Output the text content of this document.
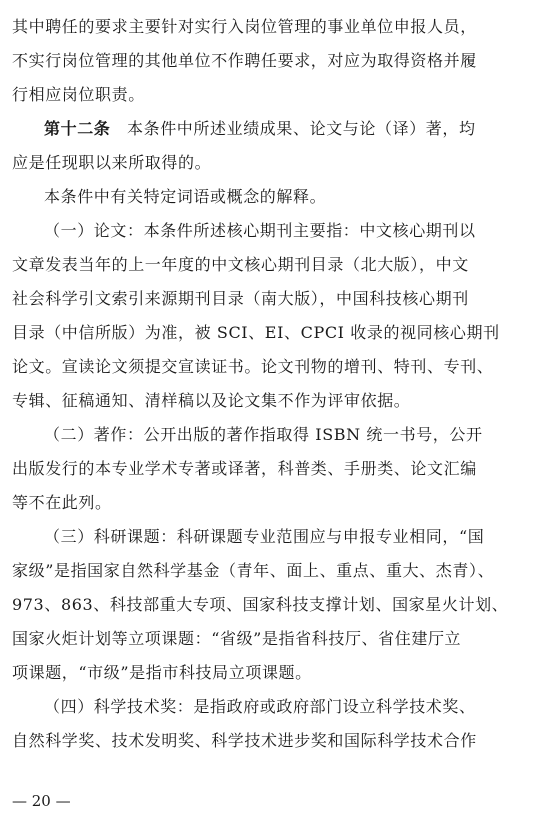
其中聘任的要求主要针对实行入岗位管理的事业单位申报人员，
不实行岗位管理的其他单位不作聘任要求，对应为取得资格并履
行相应岗位职责。
第十二条　本条件中所述业绩成果、论文与论（译）著，均
应是任现职以来所取得的。
本条件中有关特定词语或概念的解释。
（一）论文：本条件所述核心期刊主要指：中文核心期刊以
文章发表当年的上一年度的中文核心期刊目录（北大版），中文
社会科学引文索引来源期刊目录（南大版），中国科技核心期刊
目录（中信所版）为准，被 SCI、EI、CPCI 收录的视同核心期刊
论文。宣读论文须提交宣读证书。论文刊物的增刊、特刊、专刊、
专辑、征稿通知、清样稿以及论文集不作为评审依据。
（二）著作：公开出版的著作指取得 ISBN 统一书号，公开
出版发行的本专业学术专著或译著，科普类、手册类、论文汇编
等不在此列。
（三）科研课题：科研课题专业范围应与申报专业相同，“国
家级”是指国家自然科学基金（青年、面上、重点、重大、杰青）、
973、863、科技部重大专项、国家科技支撑计划、国家星火计划、
国家火炬计划等立项课题：“省级”是指省科技厅、省住建厅立
项课题，“市级”是指市科技局立项课题。
（四）科学技术奖：是指政府或政府部门设立科学技术奖、
自然科学奖、技术发明奖、科学技术进步奖和国际科学技术合作
— 20 —
